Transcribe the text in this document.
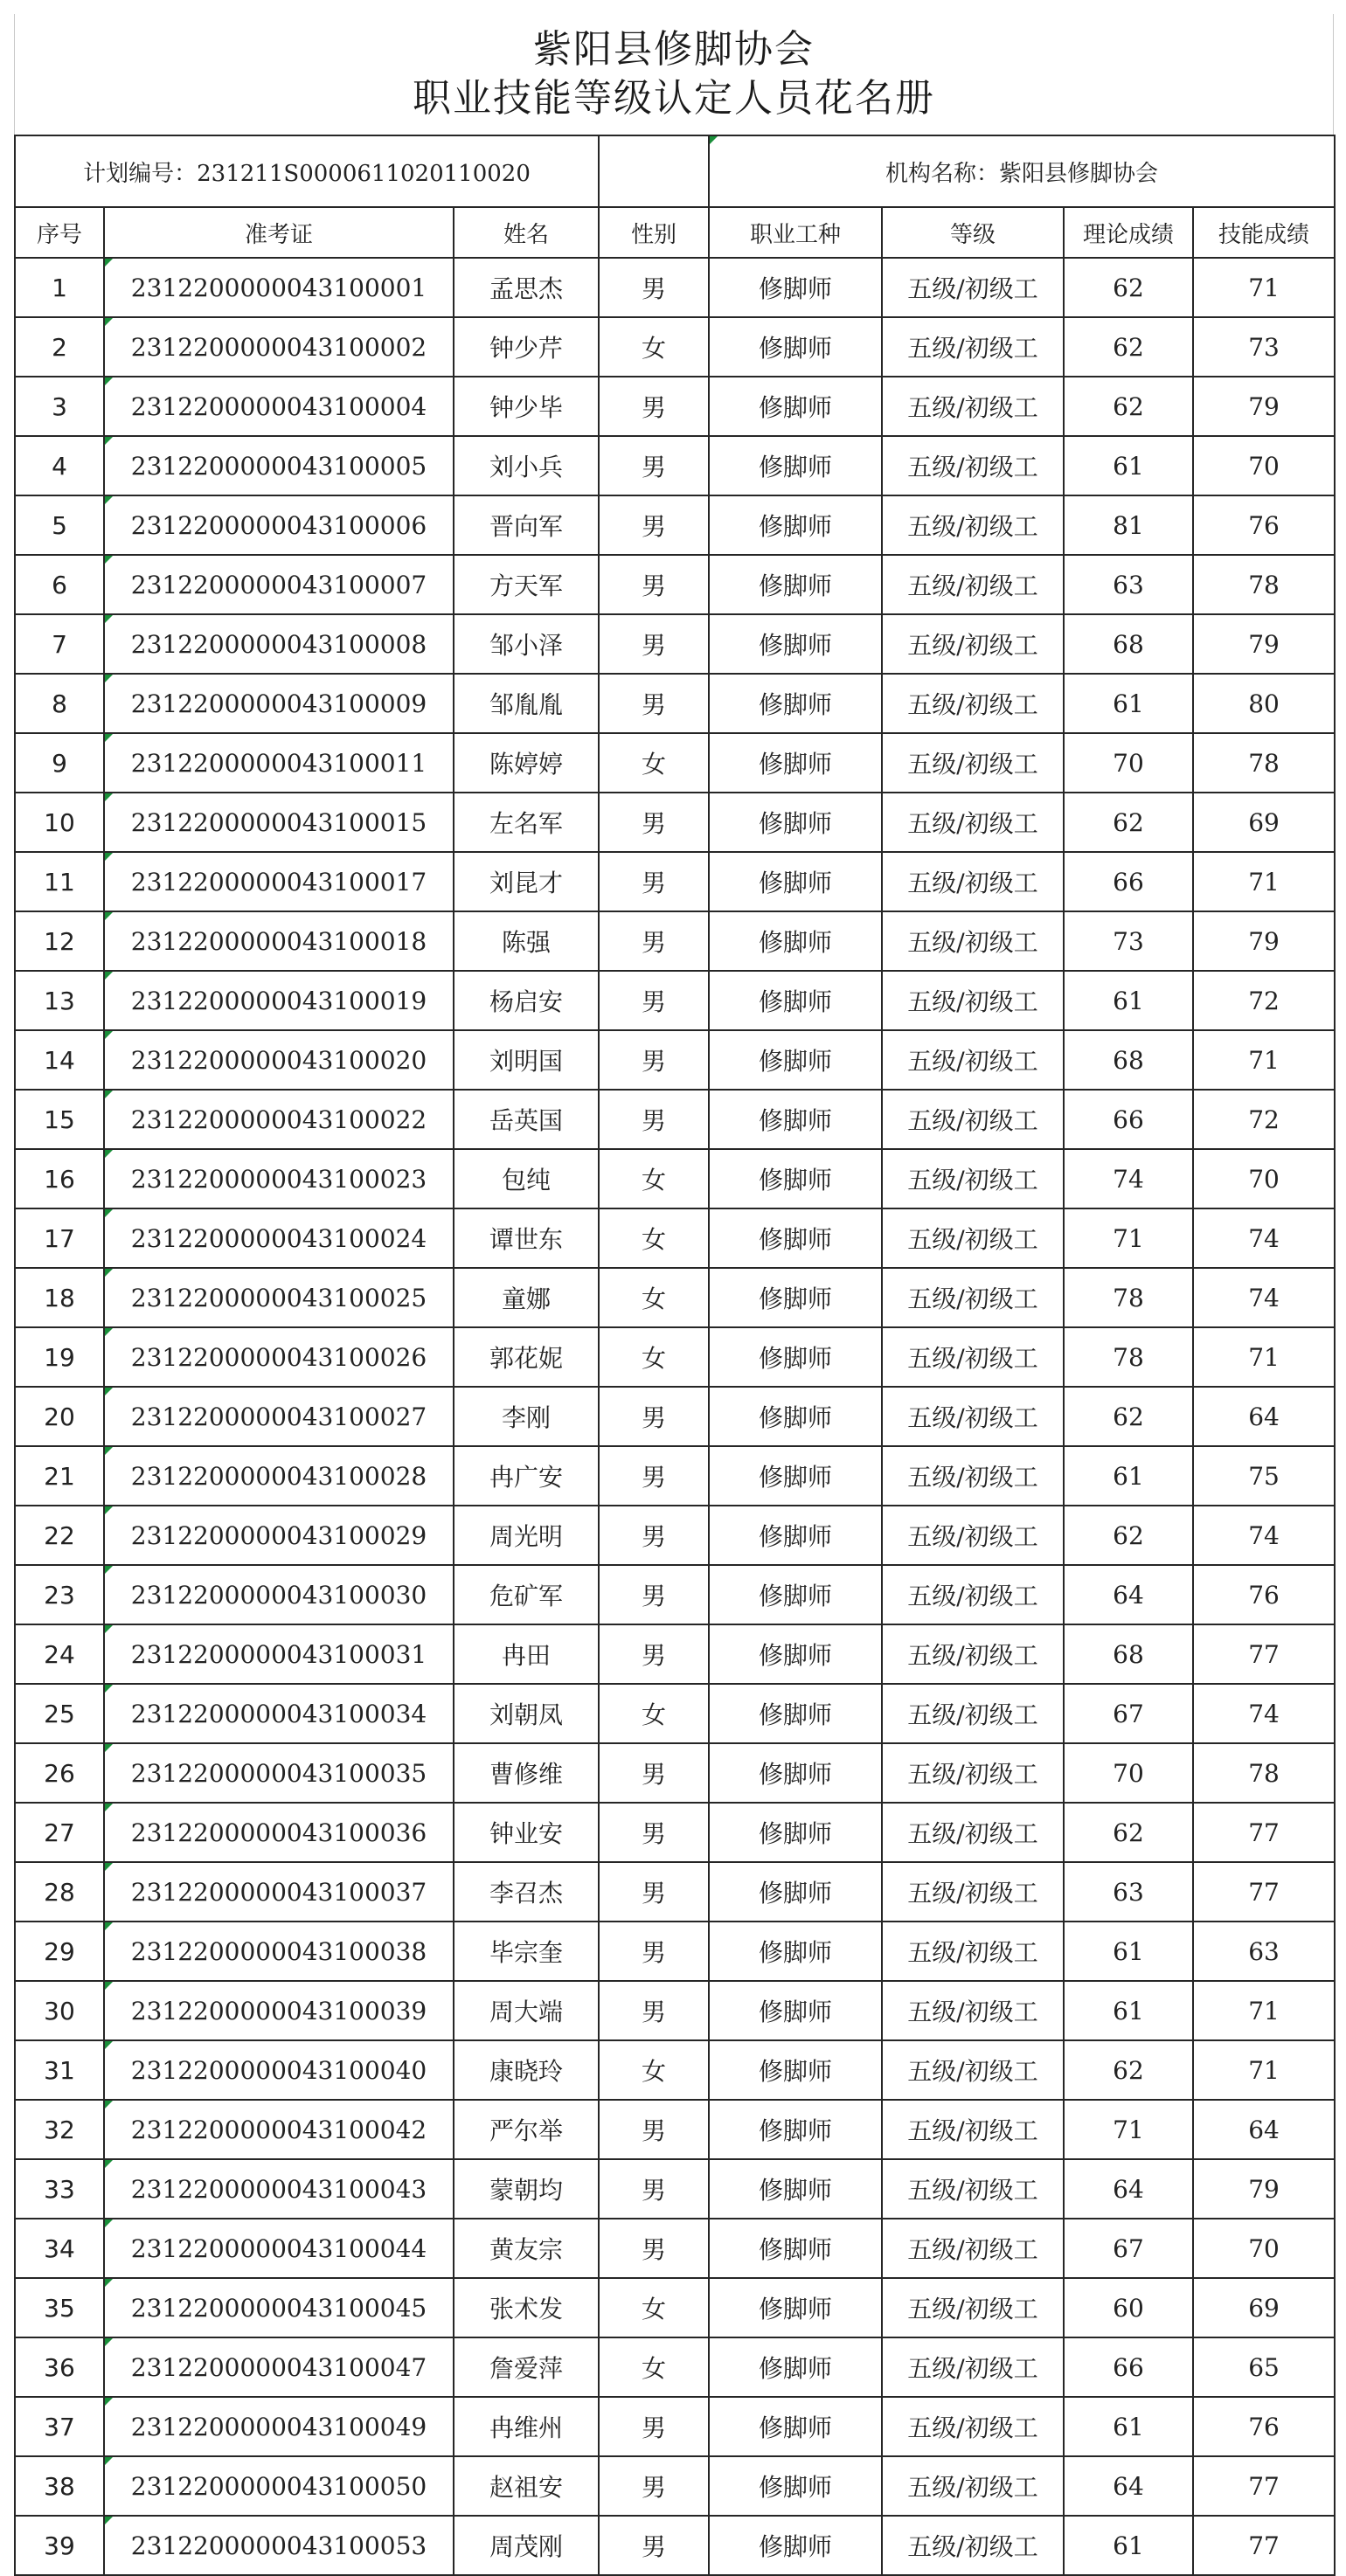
紫阳县修脚协会
职业技能等级认定人员花名册
计划编号：231211S0000611020110020				机构名称：紫阳县修脚协会			
序号	准考证	姓名	性别	职业工种	等级	理论成绩	技能成绩
1	2312200000043100001	孟思杰	男	修脚师	五级/初级工	62	71
2	2312200000043100002	钟少芹	女	修脚师	五级/初级工	62	73
3	2312200000043100004	钟少毕	男	修脚师	五级/初级工	62	79
4	2312200000043100005	刘小兵	男	修脚师	五级/初级工	61	70
5	2312200000043100006	晋向军	男	修脚师	五级/初级工	81	76
6	2312200000043100007	方天军	男	修脚师	五级/初级工	63	78
7	2312200000043100008	邹小泽	男	修脚师	五级/初级工	68	79
8	2312200000043100009	邹胤胤	男	修脚师	五级/初级工	61	80
9	2312200000043100011	陈婷婷	女	修脚师	五级/初级工	70	78
10	2312200000043100015	左名军	男	修脚师	五级/初级工	62	69
11	2312200000043100017	刘昆才	男	修脚师	五级/初级工	66	71
12	2312200000043100018	陈强	男	修脚师	五级/初级工	73	79
13	2312200000043100019	杨启安	男	修脚师	五级/初级工	61	72
14	2312200000043100020	刘明国	男	修脚师	五级/初级工	68	71
15	2312200000043100022	岳英国	男	修脚师	五级/初级工	66	72
16	2312200000043100023	包纯	女	修脚师	五级/初级工	74	70
17	2312200000043100024	谭世东	女	修脚师	五级/初级工	71	74
18	2312200000043100025	童娜	女	修脚师	五级/初级工	78	74
19	2312200000043100026	郭花妮	女	修脚师	五级/初级工	78	71
20	2312200000043100027	李刚	男	修脚师	五级/初级工	62	64
21	2312200000043100028	冉广安	男	修脚师	五级/初级工	61	75
22	2312200000043100029	周光明	男	修脚师	五级/初级工	62	74
23	2312200000043100030	危矿军	男	修脚师	五级/初级工	64	76
24	2312200000043100031	冉田	男	修脚师	五级/初级工	68	77
25	2312200000043100034	刘朝凤	女	修脚师	五级/初级工	67	74
26	2312200000043100035	曹修维	男	修脚师	五级/初级工	70	78
27	2312200000043100036	钟业安	男	修脚师	五级/初级工	62	77
28	2312200000043100037	李召杰	男	修脚师	五级/初级工	63	77
29	2312200000043100038	毕宗奎	男	修脚师	五级/初级工	61	63
30	2312200000043100039	周大端	男	修脚师	五级/初级工	61	71
31	2312200000043100040	康晓玲	女	修脚师	五级/初级工	62	71
32	2312200000043100042	严尔举	男	修脚师	五级/初级工	71	64
33	2312200000043100043	蒙朝均	男	修脚师	五级/初级工	64	79
34	2312200000043100044	黄友宗	男	修脚师	五级/初级工	67	70
35	2312200000043100045	张术发	女	修脚师	五级/初级工	60	69
36	2312200000043100047	詹爱萍	女	修脚师	五级/初级工	66	65
37	2312200000043100049	冉维州	男	修脚师	五级/初级工	61	76
38	2312200000043100050	赵祖安	男	修脚师	五级/初级工	64	77
39	2312200000043100053	周茂刚	男	修脚师	五级/初级工	61	77
